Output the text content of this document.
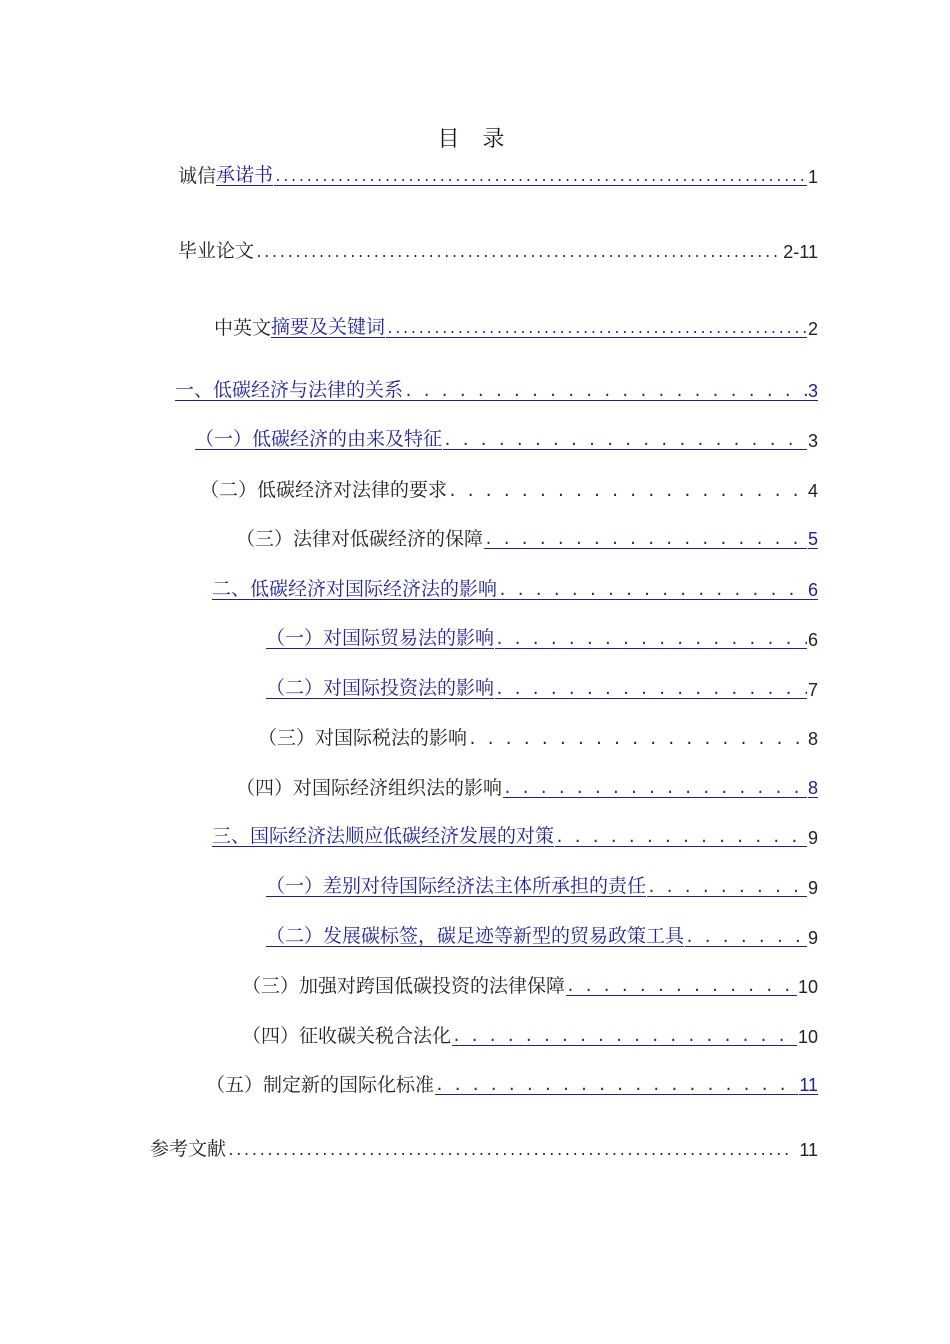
目 录
诚信 承诺书 .....	1
毕业论文 .....	2-11
中英文 摘要及关键词 .....	2
一、低碳经济与法律的关系 . . .	3
（一）低碳经济的由来及特征 . . .	3
（二）低碳经济对法律的要求 . . .	4
（三）法律对低碳经济的保障 . . .	5
二、低碳经济对国际经济法的影响 . . .	6
（一）对国际贸易法的影响 . . .	6
（二）对国际投资法的影响 . . .	7
（三）对国际税法的影响 . . .	8
（四）对国际经济组织法的影响 . . .	8
三、国际经济法顺应低碳经济发展的对策 . . .	9
（一）差别对待国际经济法主体所承担的责任 . . .	9
（二）发展碳标签，碳足迹等新型的贸易政策工具 . . .	9
（三）加强对跨国低碳投资的法律保障 . . .	10
（四）征收碳关税合法化 . . .	10
（五）制定新的国际化标准 . . .	11
参考文献 .....	11
